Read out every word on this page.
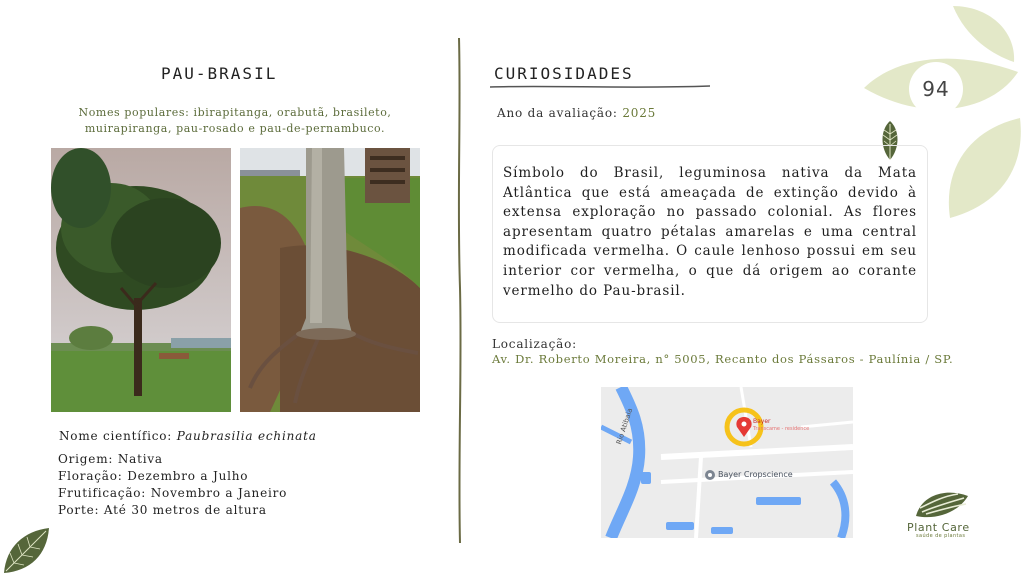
94
PAU-BRASIL
Nomes populares: ibirapitanga, orabutã, brasileto,
muirapiranga, pau-rosado e pau-de-pernambuco.
Nome científico: Paubrasilia echinata
Origem: Nativa
Floração: Dezembro a Julho
Frutificação: Novembro a Janeiro
Porte: Até 30 metros de altura
CURIOSIDADES
Ano da avaliação: 2025
Símbolo do Brasil, leguminosa nativa da Mata Atlântica que está ameaçada de extinção devido à extensa exploração no passado colonial. As flores apresentam quatro pétalas amarelas e uma central modificada vermelha. O caule lenhoso possui em seu interior cor vermelha, o que dá origem ao corante vermelho do Pau-brasil.
Localização:
Av. Dr. Roberto Moreira, n° 5005, Recanto dos Pássaros - Paulínia / SP.
Rio Atibaia	Bayer
Transcame - residence
Bayer Cropscience
Plant Care
saúde de plantas
